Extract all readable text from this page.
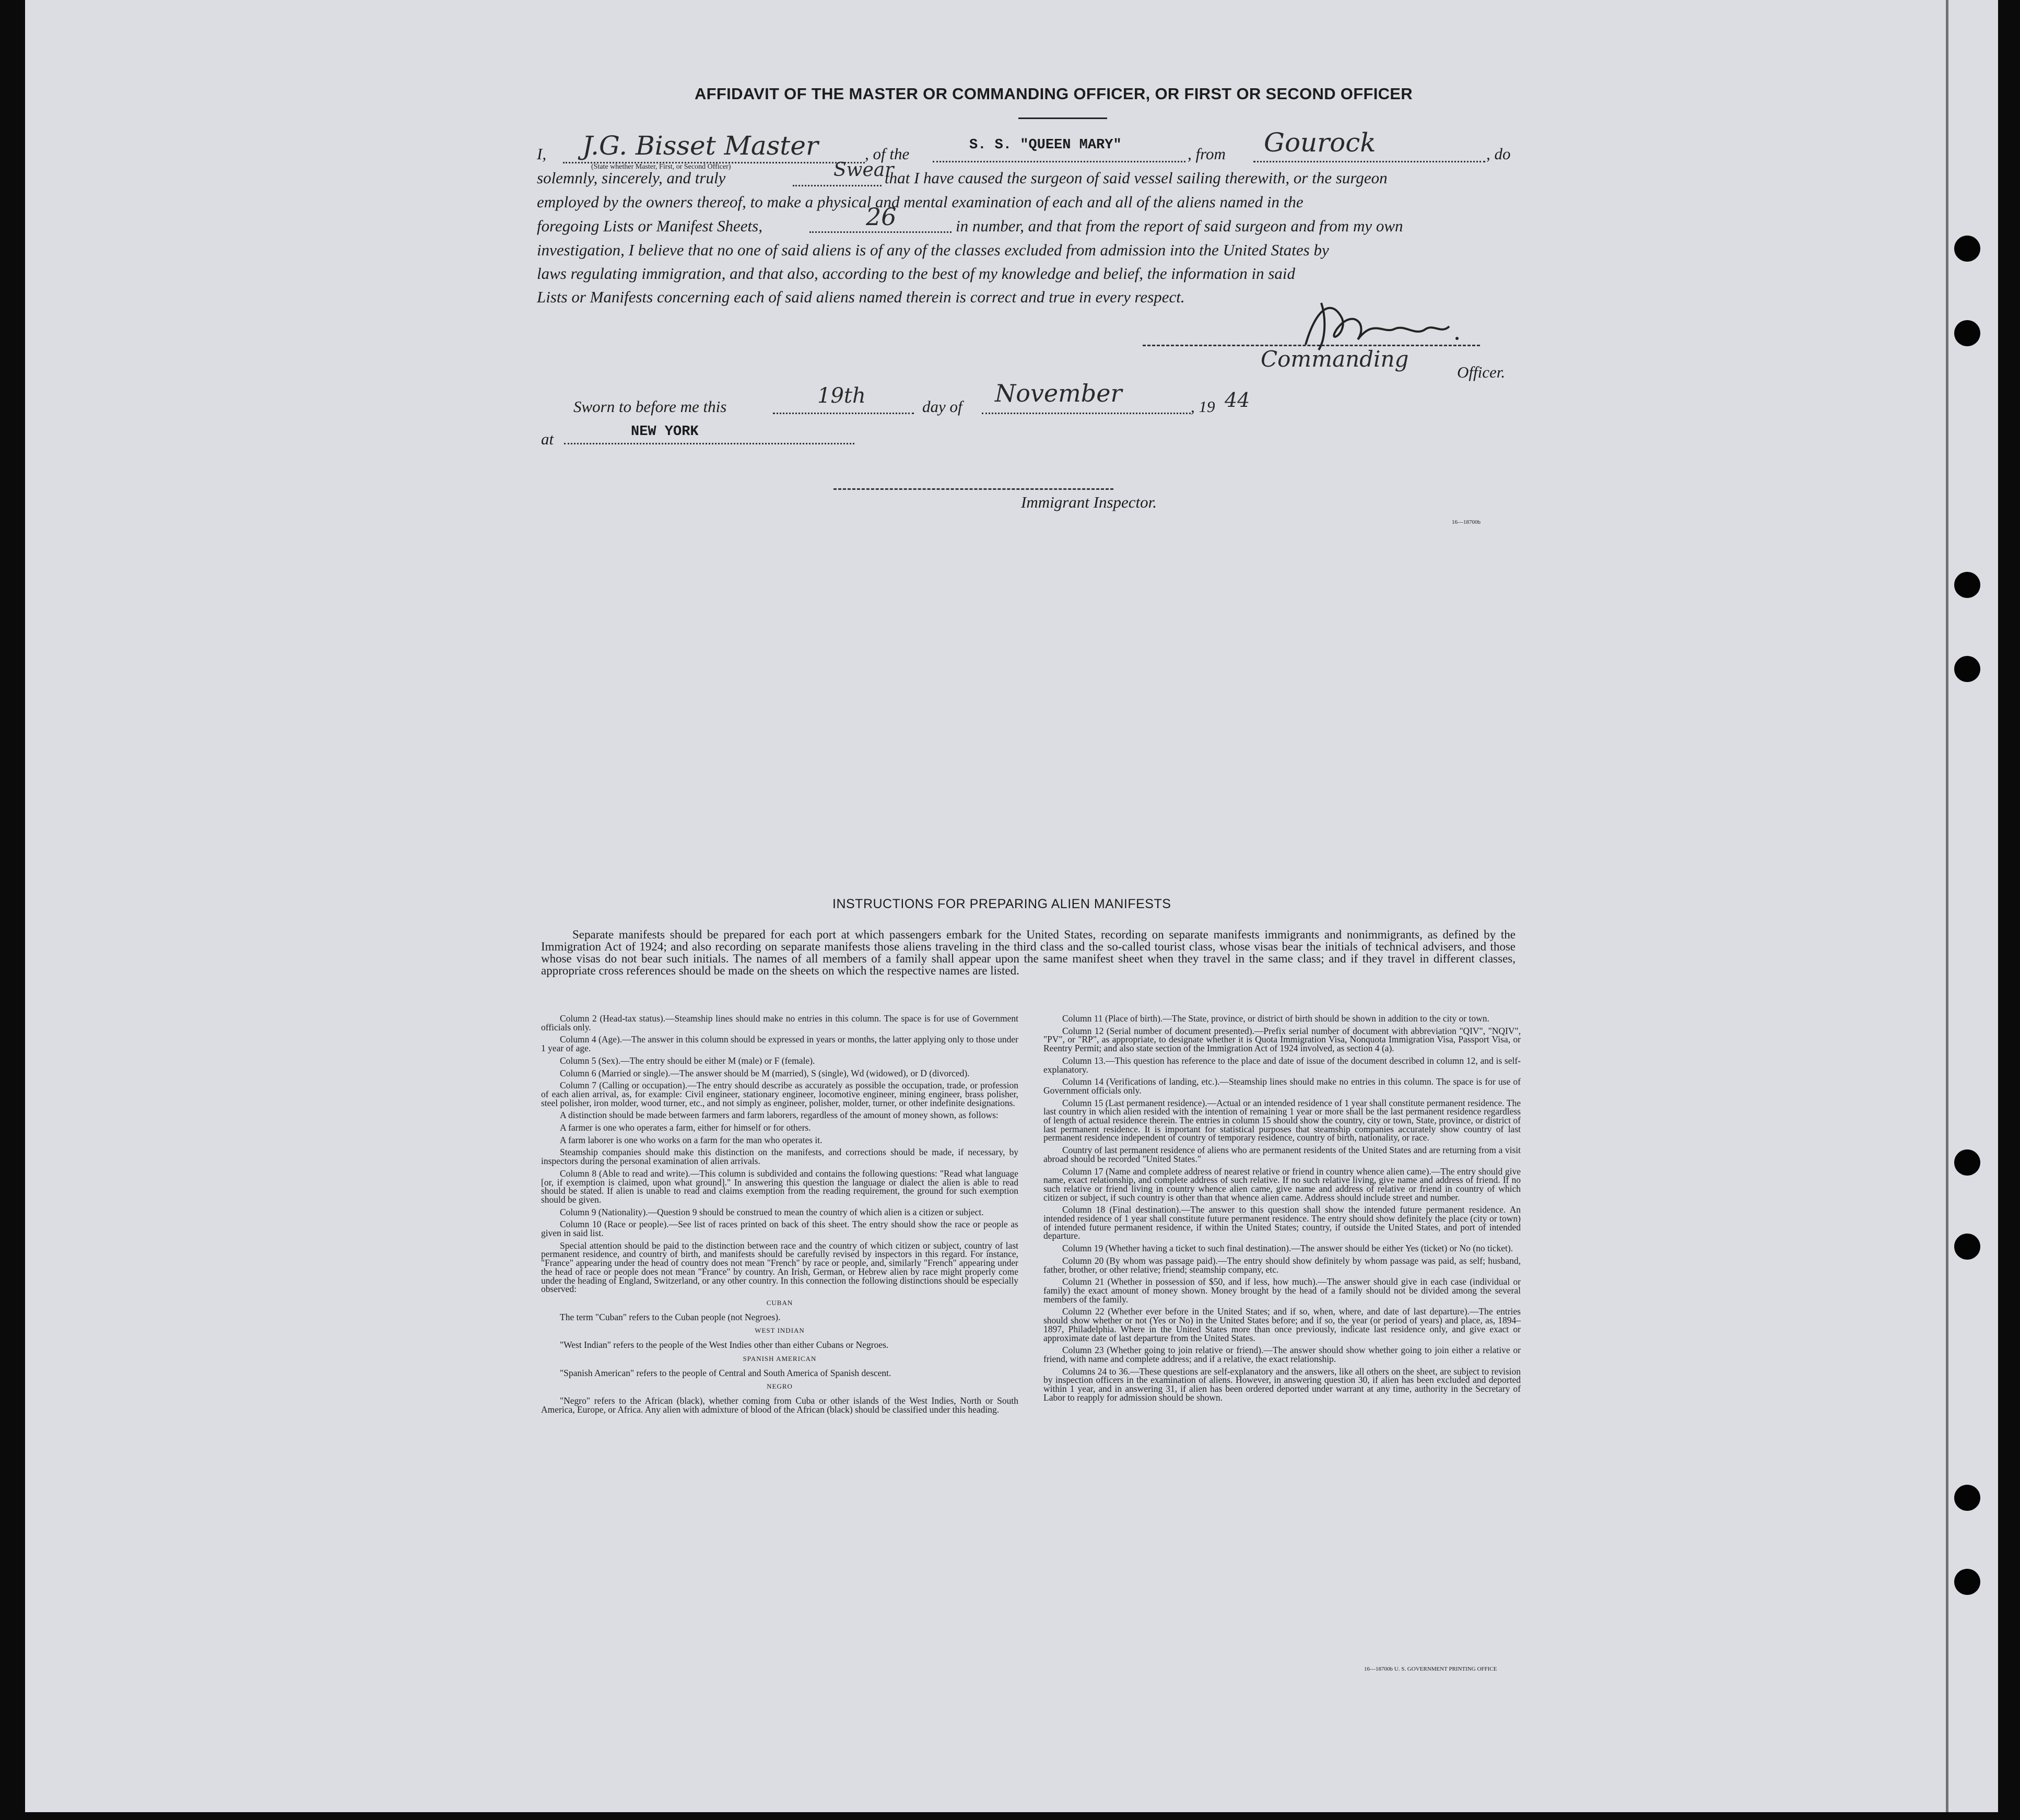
AFFIDAVIT OF THE MASTER OR COMMANDING OFFICER, OR FIRST OR SECOND OFFICER
I, J.G. Bisset Master	, of the	S. S. "QUEEN MARY"	, from Gourock	, do
(State whether Master, First, or Second Officer)
solemnly, sincerely, and truly	Swear
that I have caused the surgeon of said vessel sailing therewith, or the surgeon
employed by the owners thereof, to make a physical and mental examination of each and all of the aliens named in the
foregoing Lists or Manifest Sheets,	26	in number, and that from the report of said surgeon and from my own
investigation, I believe that no one of said aliens is of any of the classes excluded from admission into the United States by
laws regulating immigration, and that also, according to the best of my knowledge and belief, the information in said
Lists or Manifests concerning each of said aliens named therein is correct and true in every respect.
Commanding
Officer.
Sworn to before me this	19th	day of November	, 19 44
at	NEW YORK
Immigrant Inspector.
16—18700b
INSTRUCTIONS FOR PREPARING ALIEN MANIFESTS
Separate manifests should be prepared for each port at which passengers embark for the United States, recording on separate manifests immigrants and nonimmigrants, as defined by the Immigration Act of 1924; and also recording on separate manifests those aliens traveling in the third class and the so-called tourist class, whose visas bear the initials of technical advisers, and those whose visas do not bear such initials. The names of all members of a family shall appear upon the same manifest sheet when they travel in the same class; and if they travel in different classes, appropriate cross references should be made on the sheets on which the respective names are listed.

Column 2 (Head-tax status).—Steamship lines should make no entries in this column. The space is for use of Government officials only.

Column 4 (Age).—The answer in this column should be expressed in years or months, the latter applying only to those under 1 year of age.

Column 5 (Sex).—The entry should be either M (male) or F (female).

Column 6 (Married or single).—The answer should be M (married), S (single), Wd (widowed), or D (divorced).

Column 7 (Calling or occupation).—The entry should describe as accurately as possible the occupation, trade, or profession of each alien arrival, as, for example: Civil engineer, stationary engineer, locomotive engineer, mining engineer, brass polisher, steel polisher, iron molder, wood turner, etc., and not simply as engineer, polisher, molder, turner, or other indefinite designations.

A distinction should be made between farmers and farm laborers, regardless of the amount of money shown, as follows:

A farmer is one who operates a farm, either for himself or for others.

A farm laborer is one who works on a farm for the man who operates it.

Steamship companies should make this distinction on the manifests, and corrections should be made, if necessary, by inspectors during the personal examination of alien arrivals.

Column 8 (Able to read and write).—This column is subdivided and contains the following questions: "Read what language [or, if exemption is claimed, upon what ground]." In answering this question the language or dialect the alien is able to read should be stated. If alien is unable to read and claims exemption from the reading requirement, the ground for such exemption should be given.

Column 9 (Nationality).—Question 9 should be construed to mean the country of which alien is a citizen or subject.

Column 10 (Race or people).—See list of races printed on back of this sheet. The entry should show the race or people as given in said list.

Special attention should be paid to the distinction between race and the country of which citizen or subject, country of last permanent residence, and country of birth, and manifests should be carefully revised by inspectors in this regard. For instance, "France" appearing under the head of country does not mean "French" by race or people, and, similarly "French" appearing under the head of race or people does not mean "France" by country. An Irish, German, or Hebrew alien by race might properly come under the heading of England, Switzerland, or any other country. In this connection the following distinctions should be especially observed:

CUBAN

The term "Cuban" refers to the Cuban people (not Negroes).

WEST INDIAN

"West Indian" refers to the people of the West Indies other than either Cubans or Negroes.

SPANISH AMERICAN

"Spanish American" refers to the people of Central and South America of Spanish descent.

NEGRO

"Negro" refers to the African (black), whether coming from Cuba or other islands of the West Indies, North or South America, Europe, or Africa. Any alien with admixture of blood of the African (black) should be classified under this heading.

Column 11 (Place of birth).—The State, province, or district of birth should be shown in addition to the city or town.

Column 12 (Serial number of document presented).—Prefix serial number of document with abbreviation "QIV", "NQIV", "PV", or "RP", as appropriate, to designate whether it is Quota Immigration Visa, Nonquota Immigration Visa, Passport Visa, or Reentry Permit; and also state section of the Immigration Act of 1924 involved, as section 4 (a).

Column 13.—This question has reference to the place and date of issue of the document described in column 12, and is self-explanatory.

Column 14 (Verifications of landing, etc.).—Steamship lines should make no entries in this column. The space is for use of Government officials only.

Column 15 (Last permanent residence).—Actual or an intended residence of 1 year shall constitute permanent residence. The last country in which alien resided with the intention of remaining 1 year or more shall be the last permanent residence regardless of length of actual residence therein. The entries in column 15 should show the country, city or town, State, province, or district of last permanent residence. It is important for statistical purposes that steamship companies accurately show country of last permanent residence independent of country of temporary residence, country of birth, nationality, or race.

Country of last permanent residence of aliens who are permanent residents of the United States and are returning from a visit abroad should be recorded "United States."

Column 17 (Name and complete address of nearest relative or friend in country whence alien came).—The entry should give name, exact relationship, and complete address of such relative. If no such relative living, give name and address of friend. If no such relative or friend living in country whence alien came, give name and address of relative or friend in country of which citizen or subject, if such country is other than that whence alien came. Address should include street and number.

Column 18 (Final destination).—The answer to this question shall show the intended future permanent residence. An intended residence of 1 year shall constitute future permanent residence. The entry should show definitely the place (city or town) of intended future permanent residence, if within the United States; country, if outside the United States, and port of intended departure.

Column 19 (Whether having a ticket to such final destination).—The answer should be either Yes (ticket) or No (no ticket).

Column 20 (By whom was passage paid).—The entry should show definitely by whom passage was paid, as self; husband, father, brother, or other relative; friend; steamship company, etc.

Column 21 (Whether in possession of $50, and if less, how much).—The answer should give in each case (individual or family) the exact amount of money shown. Money brought by the head of a family should not be divided among the several members of the family.

Column 22 (Whether ever before in the United States; and if so, when, where, and date of last departure).—The entries should show whether or not (Yes or No) in the United States before; and if so, the year (or period of years) and place, as, 1894–1897, Philadelphia. Where in the United States more than once previously, indicate last residence only, and give exact or approximate date of last departure from the United States.

Column 23 (Whether going to join relative or friend).—The answer should show whether going to join either a relative or friend, with name and complete address; and if a relative, the exact relationship.

Columns 24 to 36.—These questions are self-explanatory and the answers, like all others on the sheet, are subject to revision by inspection officers in the examination of aliens. However, in answering question 30, if alien has been excluded and deported within 1 year, and in answering 31, if alien has been ordered deported under warrant at any time, authority in the Secretary of Labor to reapply for admission should be shown.

16—18700b U. S. GOVERNMENT PRINTING OFFICE
